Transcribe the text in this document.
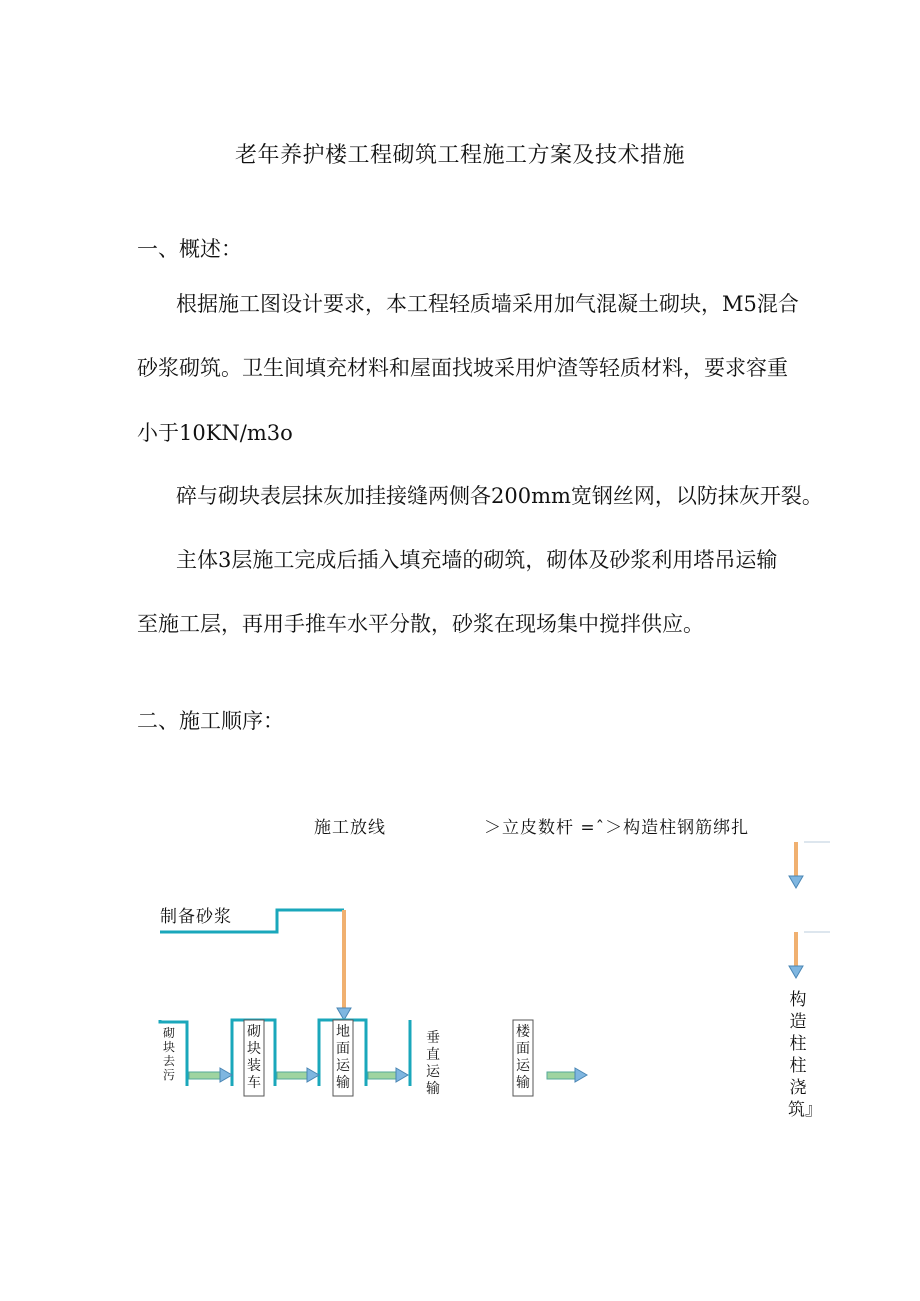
老年养护楼工程砌筑工程施工方案及技术措施
一、概述：
根据施工图设计要求，本工程轻质墙采用加气混凝土砌块，M5混合
砂浆砌筑。卫生间填充材料和屋面找坡采用炉渣等轻质材料，要求容重
小于10KN/m3o
碎与砌块表层抹灰加挂接缝两侧各200mm宽钢丝网，以防抹灰开裂。
主体3层施工完成后插入填充墙的砌筑，砌体及砂浆利用塔吊运输
至施工层，再用手推车水平分散，砂浆在现场集中搅拌供应。
二、施工顺序：
施工放线	＞立皮数杆 =ˆ＞构造柱钢筋绑扎
制备砂浆
砌块去污
砌块装车
地面运输
垂直运输
楼面运输
构造柱柱浇筑』
